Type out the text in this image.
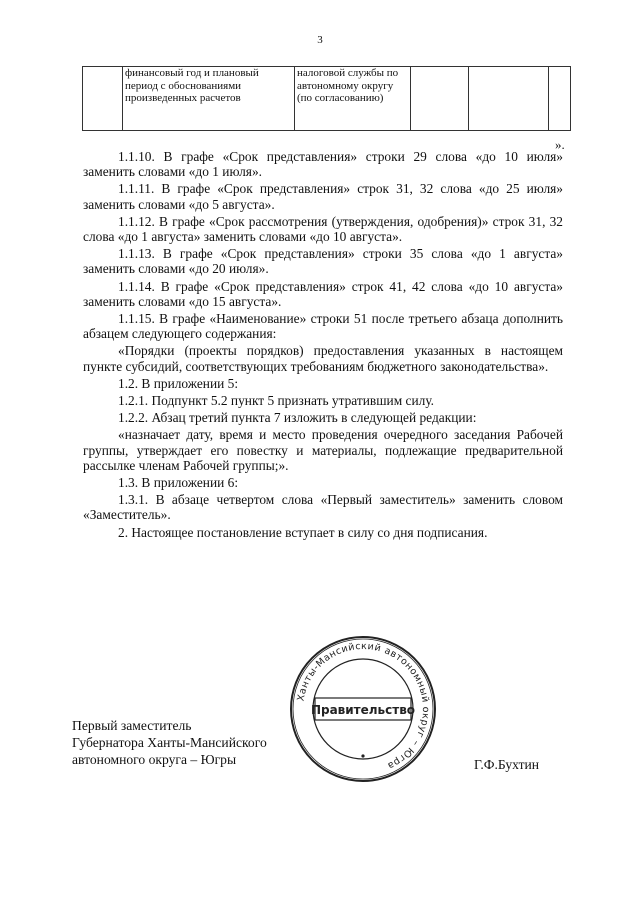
3
	финансовый год и плановый период с обоснованиями произведенных расчетов	налоговой службы по автономному округу (по согласованию)			
».

1.1.10. В графе «Срок представления» строки 29 слова «до 10 июля» заменить словами «до 1 июля».

1.1.11. В графе «Срок представления» строк 31, 32 слова «до 25 июля» заменить словами «до 5 августа».

1.1.12. В графе «Срок рассмотрения (утверждения, одобрения)» строк 31, 32 слова «до 1 августа» заменить словами «до 10 августа».

1.1.13. В графе «Срок представления» строки 35 слова «до 1 августа» заменить словами «до 20 июля».

1.1.14. В графе «Срок представления» строк 41, 42 слова «до 10 августа» заменить словами «до 15 августа».

1.1.15. В графе «Наименование» строки 51 после третьего абзаца дополнить абзацем следующего содержания:

«Порядки (проекты порядков) предоставления указанных в настоящем пункте субсидий, соответствующих требованиям бюджетного законодательства».

1.2. В приложении 5:

1.2.1. Подпункт 5.2 пункт 5 признать утратившим силу.

1.2.2. Абзац третий пункта 7 изложить в следующей редакции:

«назначает дату, время и место проведения очередного заседания Рабочей группы, утверждает его повестку и материалы, подлежащие предварительной рассылке членам Рабочей группы;».

1.3. В приложении 6:

1.3.1. В абзаце четвертом слова «Первый заместитель» заменить словом «Заместитель».

2. Настоящее постановление вступает в силу со дня подписания.

Первый заместитель
Губернатора Ханты-Мансийского
автономного округа – Югры
Ханты-Мансийский автономный округ – Югра
Правительство
Г.Ф.Бухтин
